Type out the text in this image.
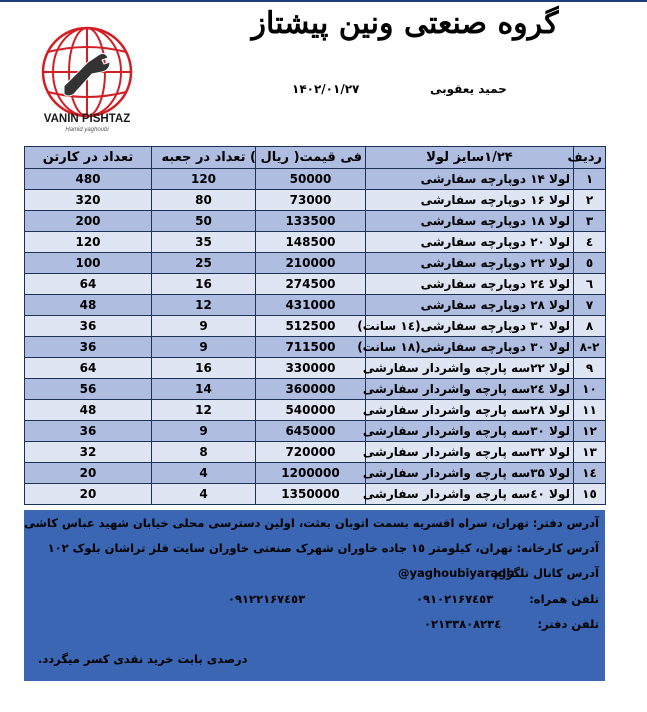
VANIN PISHTAZ
Hamid yaghoubi
گروه صنعتی ونین پیشتاز
حمید یعقوبی
۱۴۰۲/۰۱/۲۷
ردیف	۱/۲۴سایز لولا	فی قیمت( ریال )	تعداد در جعبه	تعداد در کارتن
۱	لولا ۱۴ دوپارچه سفارشی	50000	120	480
۲	لولا ۱۶ دوپارچه سفارشی	73000	80	320
۳	لولا ۱۸ دوپارچه سفارشی	133500	50	200
٤	لولا ۲۰ دوپارچه سفارشی	148500	35	120
٥	لولا ۲۲ دوپارچه سفارشی	210000	25	100
٦	لولا ۲٤ دوپارچه سفارشی	274500	16	64
۷	لولا ۲۸ دوپارچه سفارشی	431000	12	48
۸	لولا ۳۰ دوپارچه سفارشی(۱٤ سانت)	512500	9	36
۸-۲	لولا ۳۰ دوپارچه سفارشی(۱۸ سانت)	711500	9	36
۹	لولا ۲۲سه پارچه واشردار سفارشی	330000	16	64
۱۰	لولا ۲٤سه پارچه واشردار سفارشی	360000	14	56
۱۱	لولا ۲۸سه پارچه واشردار سفارشی	540000	12	48
۱۲	لولا ۳۰سه پارچه واشردار سفارشی	645000	9	36
۱۳	لولا ۳۲سه پارچه واشردار سفارشی	720000	8	32
۱٤	لولا ۳۵سه پارچه واشردار سفارشی	1200000	4	20
۱٥	لولا ٤۰سه پارچه واشردار سفارشی	1350000	4	20
آدرس دفتر: تهران، سراه افسریه بسمت اتوبان بعثت، اولین دسترسی محلی خیابان شهید عباس کاشی
آدرس کارخانه: تهران، کیلومتر ۱٥ جاده خاوران شهرک صنعتی خاوران سایت فلز تراشان بلوک ۱۰۲
آدرس کانال تلگرام :
@yaghoubiyaragh
تلفن همراه:
۰۹۱۰۲۱۶۷٤٥۳
۰۹۱۲۲۱۶۷٤٥۳
تلفن دفتر:
۰۲۱۳۳۸۰۸۲۳٤
درصدی بابت خرید نقدی کسر میگردد.
